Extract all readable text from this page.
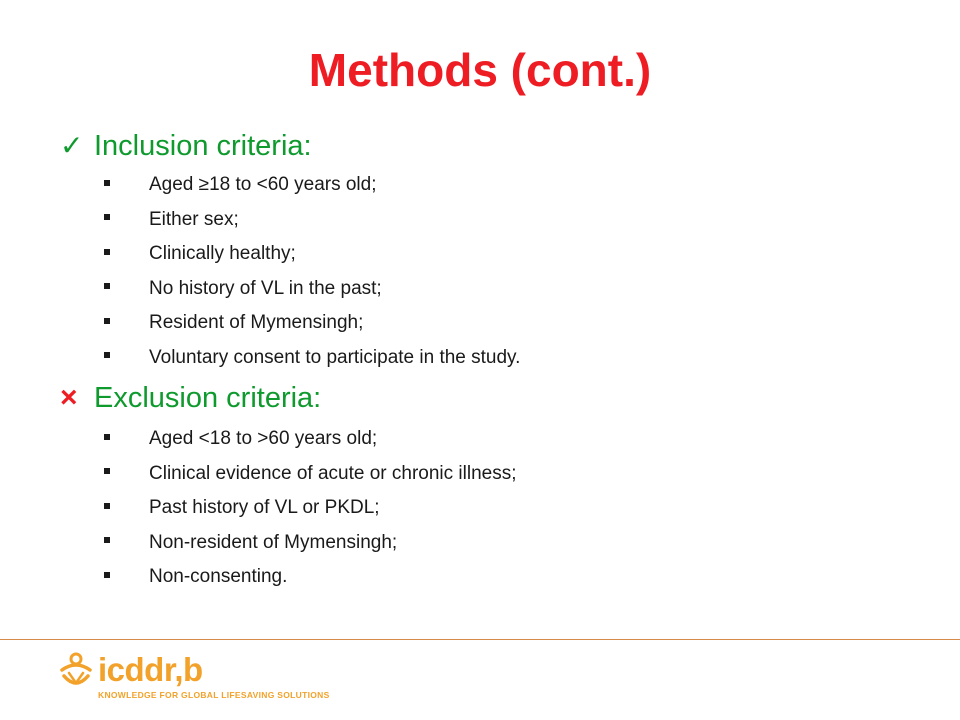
Methods (cont.)
✓ Inclusion criteria:
Aged ≥18 to <60 years old;
Either sex;
Clinically healthy;
No history of VL in the past;
Resident of Mymensingh;
Voluntary consent to participate in the study.
× Exclusion criteria:
Aged <18 to >60 years old;
Clinical evidence of acute or chronic illness;
Past history of VL or PKDL;
Non-resident of Mymensingh;
Non-consenting.
icddr,b
KNOWLEDGE FOR GLOBAL LIFESAVING SOLUTIONS
